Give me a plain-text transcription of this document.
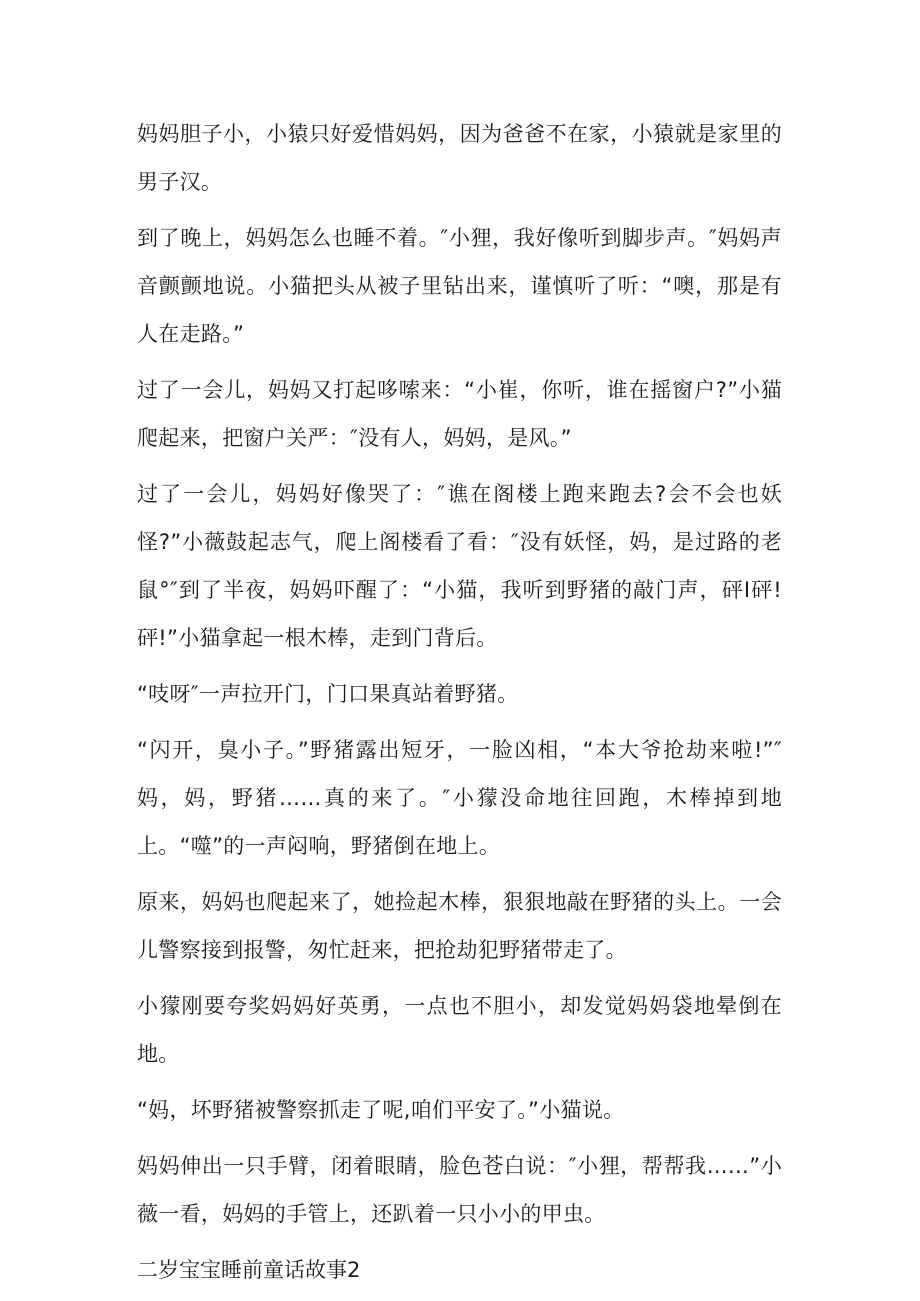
妈妈胆子小，小猿只好爱惜妈妈，因为爸爸不在家，小猿就是家里的男子汉。

到了晚上，妈妈怎么也睡不着。″小狸，我好像听到脚步声。″妈妈声音颤颤地说。小猫把头从被子里钻出来，谨慎听了听：“噢，那是有人在走路。”

过了一会儿，妈妈又打起哆嗦来：“小崔，你听，谁在摇窗户?”小猫爬起来，把窗户关严：″没有人，妈妈，是风。”

过了一会儿，妈妈好像哭了：″谯在阁楼上跑来跑去?会不会也妖怪?”小薇鼓起志气，爬上阁楼看了看：″没有妖怪，妈，是过路的老鼠°″到了半夜，妈妈吓醒了：“小猫，我听到野猪的敲门声，砰I砰!砰!”小猫拿起一根木棒，走到门背后。

“吱呀″一声拉开门，门口果真站着野猪。

“闪开，臭小子。”野猪露出短牙，一脸凶相，“本大爷抢劫来啦!”″妈，妈，野猪……真的来了。″小獴没命地往回跑，木棒掉到地上。“噬”的一声闷响，野猪倒在地上。

原来，妈妈也爬起来了，她捡起木棒，狠狠地敲在野猪的头上。一会儿警察接到报警，匆忙赶来，把抢劫犯野猪带走了。

小獴刚要夸奖妈妈好英勇，一点也不胆小，却发觉妈妈袋地晕倒在地。

“妈，坏野猪被警察抓走了呢,咱们平安了。”小猫说。

妈妈伸出一只手臂，闭着眼睛，脸色苍白说：″小狸，帮帮我……”小薇一看，妈妈的手管上，还趴着一只小小的甲虫。

二岁宝宝睡前童话故事2
